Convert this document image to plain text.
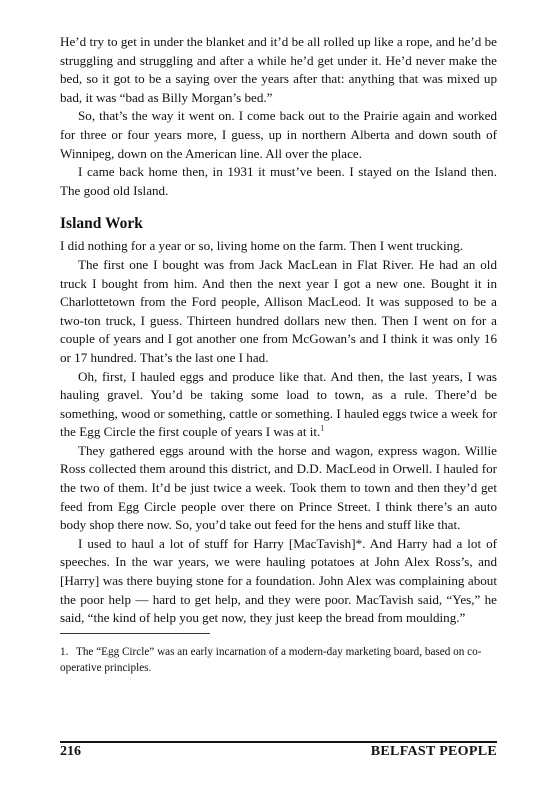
He’d try to get in under the blanket and it’d be all rolled up like a rope, and he’d be struggling and struggling and after a while he’d get under it. He’d never make the bed, so it got to be a saying over the years after that: anything that was mixed up bad, it was “bad as Billy Morgan’s bed.”

So, that’s the way it went on. I come back out to the Prairie again and worked for three or four years more, I guess, up in northern Alberta and down south of Winnipeg, down on the American line. All over the place.

I came back home then, in 1931 it must’ve been. I stayed on the Island then. The good old Island.

Island Work

I did nothing for a year or so, living home on the farm. Then I went trucking.

The first one I bought was from Jack MacLean in Flat River. He had an old truck I bought from him. And then the next year I got a new one. Bought it in Charlottetown from the Ford people, Allison MacLeod. It was supposed to be a two-ton truck, I guess. Thirteen hundred dollars new then. Then I went on for a couple of years and I got another one from McGowan’s and I think it was only 16 or 17 hundred. That’s the last one I had.

Oh, first, I hauled eggs and produce like that. And then, the last years, I was hauling gravel. You’d be taking some load to town, as a rule. There’d be something, wood or something, cattle or something. I hauled eggs twice a week for the Egg Circle the first couple of years I was at it.$^1$

They gathered eggs around with the horse and wagon, express wagon. Willie Ross collected them around this district, and D.D. MacLeod in Orwell. I hauled for the two of them. It’d be just twice a week. Took them to town and then they’d get feed from Egg Circle people over there on Prince Street. I think there’s an auto body shop there now. So, you’d take out feed for the hens and stuff like that.

I used to haul a lot of stuff for Harry [MacTavish]*. And Harry had a lot of speeches. In the war years, we were hauling potatoes at John Alex Ross’s, and [Harry] was there buying stone for a foundation. John Alex was complaining about the poor help — hard to get help, and they were poor. MacTavish said, “Yes,” he said, “the kind of help you get now, they just keep the bread from moulding.”

1. The “Egg Circle” was an early incarnation of a modern-day marketing board, based on co-operative principles.
216	BELFAST PEOPLE
